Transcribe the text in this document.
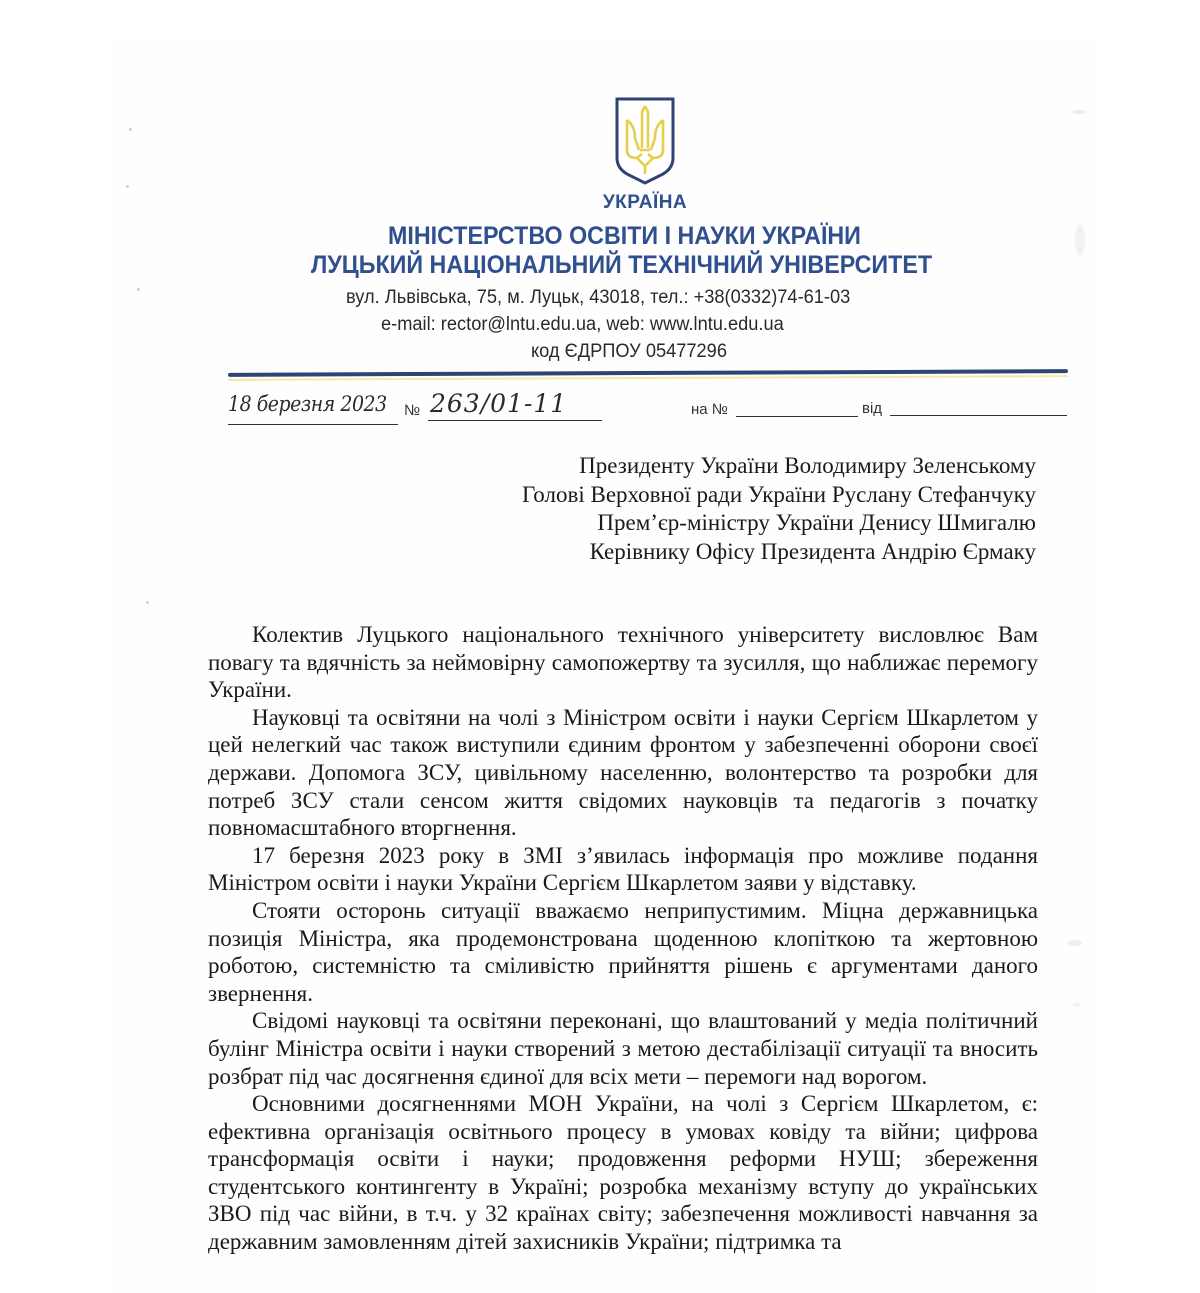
УКРАЇНА
МІНІСТЕРСТВО ОСВІТИ І НАУКИ УКРАЇНИ
ЛУЦЬКИЙ НАЦІОНАЛЬНИЙ ТЕХНІЧНИЙ УНІВЕРСИТЕТ
вул. Львівська, 75, м. Луцьк, 43018, тел.: +38(0332)74-61-03
e-mail: rector@lntu.edu.ua, web: www.lntu.edu.ua
код ЄДРПОУ 05477296
18 березня 2023 № 263/01-11	на №	від
Президенту України Володимиру Зеленському
Голові Верховної ради України Руслану Стефанчуку
Прем’єр-міністру України Денису Шмигалю
Керівнику Офісу Президента Андрію Єрмаку

Колектив Луцького національного технічного університету висловлює Вам повагу та вдячність за неймовірну самопожертву та зусилля, що наближає перемогу України.

Науковці та освітяни на чолі з Міністром освіти і науки Сергієм Шкарлетом у цей нелегкий час також виступили єдиним фронтом у забезпеченні оборони своєї держави. Допомога ЗСУ, цивільному населенню, волонтерство та розробки для потреб ЗСУ стали сенсом життя свідомих науковців та педагогів з початку повномасштабного вторгнення.

17 березня 2023 року в ЗМІ з’явилась інформація про можливе подання Міністром освіти і науки України Сергієм Шкарлетом заяви у відставку.

Стояти осторонь ситуації вважаємо неприпустимим. Міцна державницька позиція Міністра, яка продемонстрована щоденною клопіткою та жертовною роботою, системністю та сміливістю прийняття рішень є аргументами даного звернення.

Свідомі науковці та освітяни переконані, що влаштований у медіа політичний булінг Міністра освіти і науки створений з метою дестабілізації ситуації та вносить розбрат під час досягнення єдиної для всіх мети – перемоги над ворогом.

Основними досягненнями МОН України, на чолі з Сергієм Шкарлетом, є: ефективна організація освітнього процесу в умовах ковіду та війни; цифрова трансформація освіти і науки; продовження реформи НУШ; збереження студентського контингенту в Україні; розробка механізму вступу до українських ЗВО під час війни, в т.ч. у 32 країнах світу; забезпечення можливості навчання за державним замовленням дітей захисників України; підтримка та
